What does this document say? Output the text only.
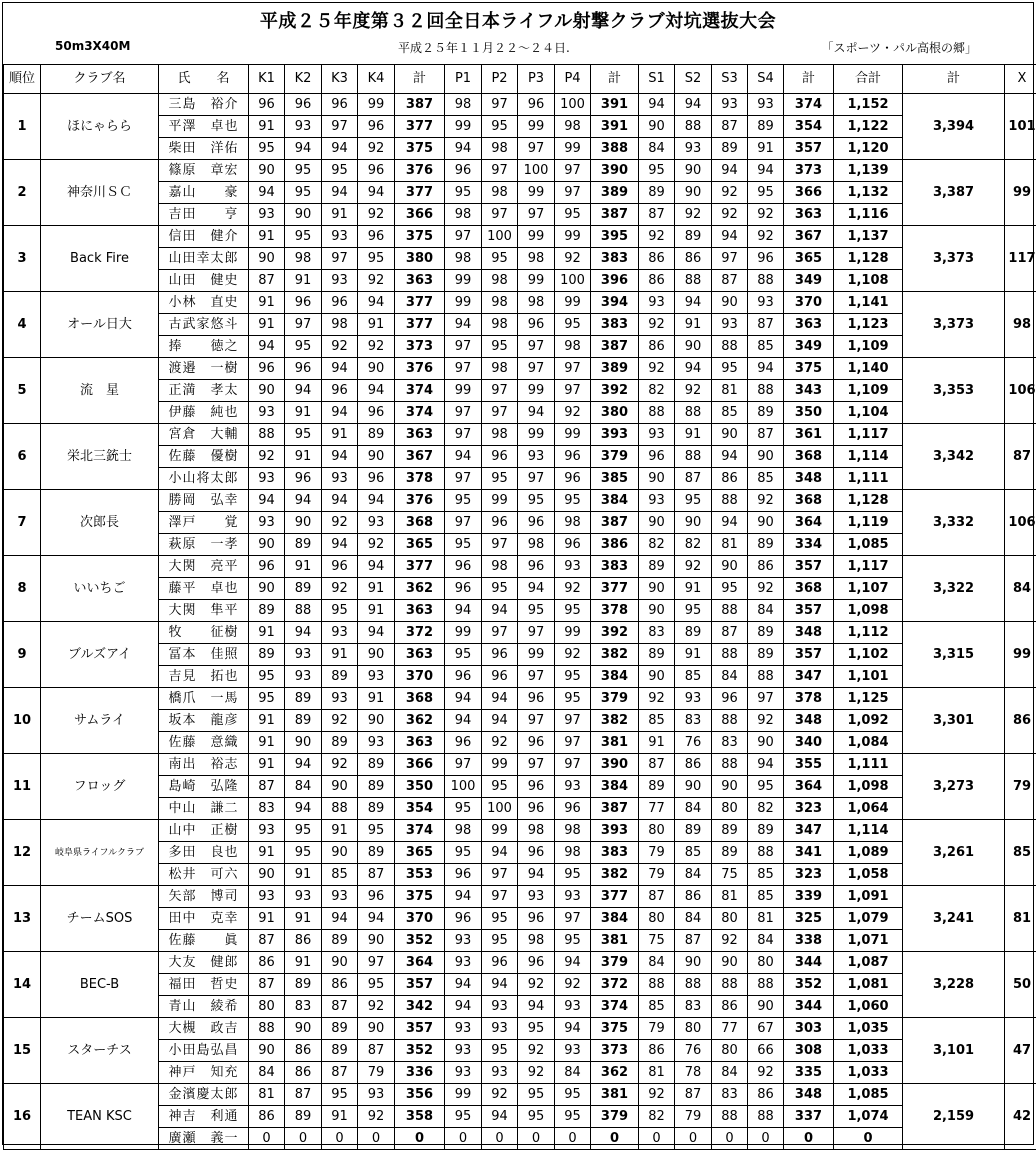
平成２５年度第３２回全日本ライフル射撃クラブ対坑選抜大会
50m3X40M	平成２５年１１月２２～２４日.	「スポーツ・パル高根の郷」
順位	クラブ名	氏　　名	K1	K2	K3	K4	計	P1	P2	P3	P4	計	S1	S2	S3	S4	計	合計	計	X
1	ほにゃらら	三島　裕介	96	96	96	99	387	98	97	96	100	391	94	94	93	93	374	1,152	3,394	101
		平澤　卓也	91	93	97	96	377	99	95	99	98	391	90	88	87	89	354	1,122		
		柴田　洋佑	95	94	94	92	375	94	98	97	99	388	84	93	89	91	357	1,120		
2	神奈川ＳＣ	篠原　章宏	90	95	95	96	376	96	97	100	97	390	95	90	94	94	373	1,139	3,387	99
		嘉山　　豪	94	95	94	94	377	95	98	99	97	389	89	90	92	95	366	1,132		
		吉田　　亨	93	90	91	92	366	98	97	97	95	387	87	92	92	92	363	1,116		
3	Back Fire	信田　健介	91	95	93	96	375	97	100	99	99	395	92	89	94	92	367	1,137	3,373	117
		山田幸太郎	90	98	97	95	380	98	95	98	92	383	86	86	97	96	365	1,128		
		山田　健史	87	91	93	92	363	99	98	99	100	396	86	88	87	88	349	1,108		
4	オール日大	小林　直史	91	96	96	94	377	99	98	98	99	394	93	94	90	93	370	1,141	3,373	98
		古武家悠斗	91	97	98	91	377	94	98	96	95	383	92	91	93	87	363	1,123		
		捧　　徳之	94	95	92	92	373	97	95	97	98	387	86	90	88	85	349	1,109		
5	流　星	渡邉　一樹	96	96	94	90	376	97	98	97	97	389	92	94	95	94	375	1,140	3,353	106
		正満　孝太	90	94	96	94	374	99	97	99	97	392	82	92	81	88	343	1,109		
		伊藤　純也	93	91	94	96	374	97	97	94	92	380	88	88	85	89	350	1,104		
6	栄北三銃士	宮倉　大輔	88	95	91	89	363	97	98	99	99	393	93	91	90	87	361	1,117	3,342	87
		佐藤　優樹	92	91	94	90	367	94	96	93	96	379	96	88	94	90	368	1,114		
		小山将太郎	93	96	93	96	378	97	95	97	96	385	90	87	86	85	348	1,111		
7	次郎長	勝岡　弘幸	94	94	94	94	376	95	99	95	95	384	93	95	88	92	368	1,128	3,332	106
		澤戸　　覚	93	90	92	93	368	97	96	96	98	387	90	90	94	90	364	1,119		
		萩原　一孝	90	89	94	92	365	95	97	98	96	386	82	82	81	89	334	1,085		
8	いいちご	大関　亮平	96	91	96	94	377	96	98	96	93	383	89	92	90	86	357	1,117	3,322	84
		藤平　卓也	90	89	92	91	362	96	95	94	92	377	90	91	95	92	368	1,107		
		大関　隼平	89	88	95	91	363	94	94	95	95	378	90	95	88	84	357	1,098		
9	ブルズアイ	牧　　征樹	91	94	93	94	372	99	97	97	99	392	83	89	87	89	348	1,112	3,315	99
		冨本　佳照	89	93	91	90	363	95	96	99	92	382	89	91	88	89	357	1,102		
		吉見　拓也	95	93	89	93	370	96	96	97	95	384	90	85	84	88	347	1,101		
10	サムライ	橋爪　一馬	95	89	93	91	368	94	94	96	95	379	92	93	96	97	378	1,125	3,301	86
		坂本　龍彦	91	89	92	90	362	94	94	97	97	382	85	83	88	92	348	1,092		
		佐藤　意織	91	90	89	93	363	96	92	96	97	381	91	76	83	90	340	1,084		
11	フロッグ	南出　裕志	91	94	92	89	366	97	99	97	97	390	87	86	88	94	355	1,111	3,273	79
		島崎　弘隆	87	84	90	89	350	100	95	96	93	384	89	90	90	95	364	1,098		
		中山　謙二	83	94	88	89	354	95	100	96	96	387	77	84	80	82	323	1,064		
12	岐阜県ライフルクラブ	山中　正樹	93	95	91	95	374	98	99	98	98	393	80	89	89	89	347	1,114	3,261	85
		多田　良也	91	95	90	89	365	95	94	96	98	383	79	85	89	88	341	1,089		
		松井　可六	90	91	85	87	353	96	97	94	95	382	79	84	75	85	323	1,058		
13	チームSOS	矢部　博司	93	93	93	96	375	94	97	93	93	377	87	86	81	85	339	1,091	3,241	81
		田中　克幸	91	91	94	94	370	96	95	96	97	384	80	84	80	81	325	1,079		
		佐藤　　眞	87	86	89	90	352	93	95	98	95	381	75	87	92	84	338	1,071		
14	BEC-B	大友　健郎	86	91	90	97	364	93	96	96	94	379	84	90	90	80	344	1,087	3,228	50
		福田　哲史	87	89	86	95	357	94	94	92	92	372	88	88	88	88	352	1,081		
		青山　綾希	80	83	87	92	342	94	93	94	93	374	85	83	86	90	344	1,060		
15	スターチス	大槻　政吉	88	90	89	90	357	93	93	95	94	375	79	80	77	67	303	1,035	3,101	47
		小田島弘昌	90	86	89	87	352	93	95	92	93	373	86	76	80	66	308	1,033		
		神戸　知充	84	86	87	79	336	93	93	92	84	362	81	78	84	92	335	1,033		
16	TEAN KSC	金濱慶太郎	81	87	95	93	356	99	92	95	95	381	92	87	83	86	348	1,085	2,159	42
		神吉　利通	86	89	91	92	358	95	94	95	95	379	82	79	88	88	337	1,074		
		廣瀬　義一	0	0	0	0	0	0	0	0	0	0	0	0	0	0	0	0		
